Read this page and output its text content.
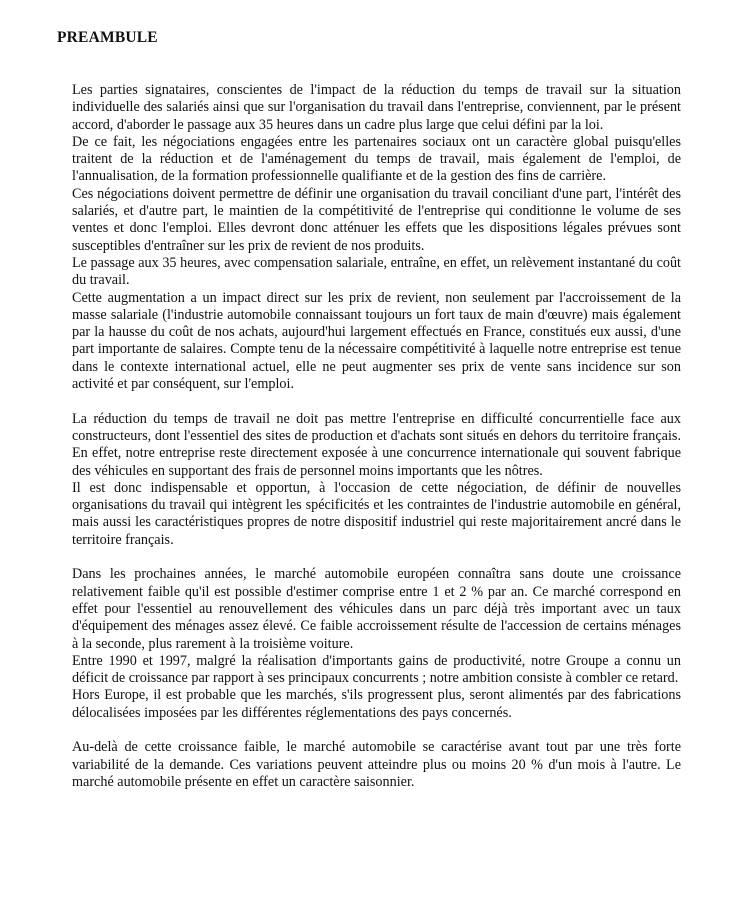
PREAMBULE

Les parties signataires, conscientes de l'impact de la réduction du temps de travail sur la situation individuelle des salariés ainsi que sur l'organisation du travail dans l'entreprise, conviennent, par le présent accord, d'aborder le passage aux 35 heures dans un cadre plus large que celui défini par la loi.

De ce fait, les négociations engagées entre les partenaires sociaux ont un caractère global puisqu'elles traitent de la réduction et de l'aménagement du temps de travail, mais également de l'emploi, de l'annualisation, de la formation professionnelle qualifiante et de la gestion des fins de carrière.

Ces négociations doivent permettre de définir une organisation du travail conciliant d'une part, l'intérêt des salariés, et d'autre part, le maintien de la compétitivité de l'entreprise qui conditionne le volume de ses ventes et donc l'emploi. Elles devront donc atténuer les effets que les dispositions légales prévues sont susceptibles d'entraîner sur les prix de revient de nos produits.

Le passage aux 35 heures, avec compensation salariale, entraîne, en effet, un relèvement instantané du coût du travail.

Cette augmentation a un impact direct sur les prix de revient, non seulement par l'accroissement de la masse salariale (l'industrie automobile connaissant toujours un fort taux de main d'œuvre) mais également par la hausse du coût de nos achats, aujourd'hui largement effectués en France, constitués eux aussi, d'une part importante de salaires. Compte tenu de la nécessaire compétitivité à laquelle notre entreprise est tenue dans le contexte international actuel, elle ne peut augmenter ses prix de vente sans incidence sur son activité et par conséquent, sur l'emploi.

La réduction du temps de travail ne doit pas mettre l'entreprise en difficulté concurrentielle face aux constructeurs, dont l'essentiel des sites de production et d'achats sont situés en dehors du territoire français. En effet, notre entreprise reste directement exposée à une concurrence internationale qui souvent fabrique des véhicules en supportant des frais de personnel moins importants que les nôtres.

Il est donc indispensable et opportun, à l'occasion de cette négociation, de définir de nouvelles organisations du travail qui intègrent les spécificités et les contraintes de l'industrie automobile en général, mais aussi les caractéristiques propres de notre dispositif industriel qui reste majoritairement ancré dans le territoire français.

Dans les prochaines années, le marché automobile européen connaîtra sans doute une croissance relativement faible qu'il est possible d'estimer comprise entre 1 et 2 % par an. Ce marché correspond en effet pour l'essentiel au renouvellement des véhicules dans un parc déjà très important avec un taux d'équipement des ménages assez élevé. Ce faible accroissement résulte de l'accession de certains ménages à la seconde, plus rarement à la troisième voiture.

Entre 1990 et 1997, malgré la réalisation d'importants gains de productivité, notre Groupe a connu un déficit de croissance par rapport à ses principaux concurrents ; notre ambition consiste à combler ce retard.

Hors Europe, il est probable que les marchés, s'ils progressent plus, seront alimentés par des fabrications délocalisées imposées par les différentes réglementations des pays concernés.

Au-delà de cette croissance faible, le marché automobile se caractérise avant tout par une très forte variabilité de la demande. Ces variations peuvent atteindre plus ou moins 20 % d'un mois à l'autre. Le marché automobile présente en effet un caractère saisonnier.
